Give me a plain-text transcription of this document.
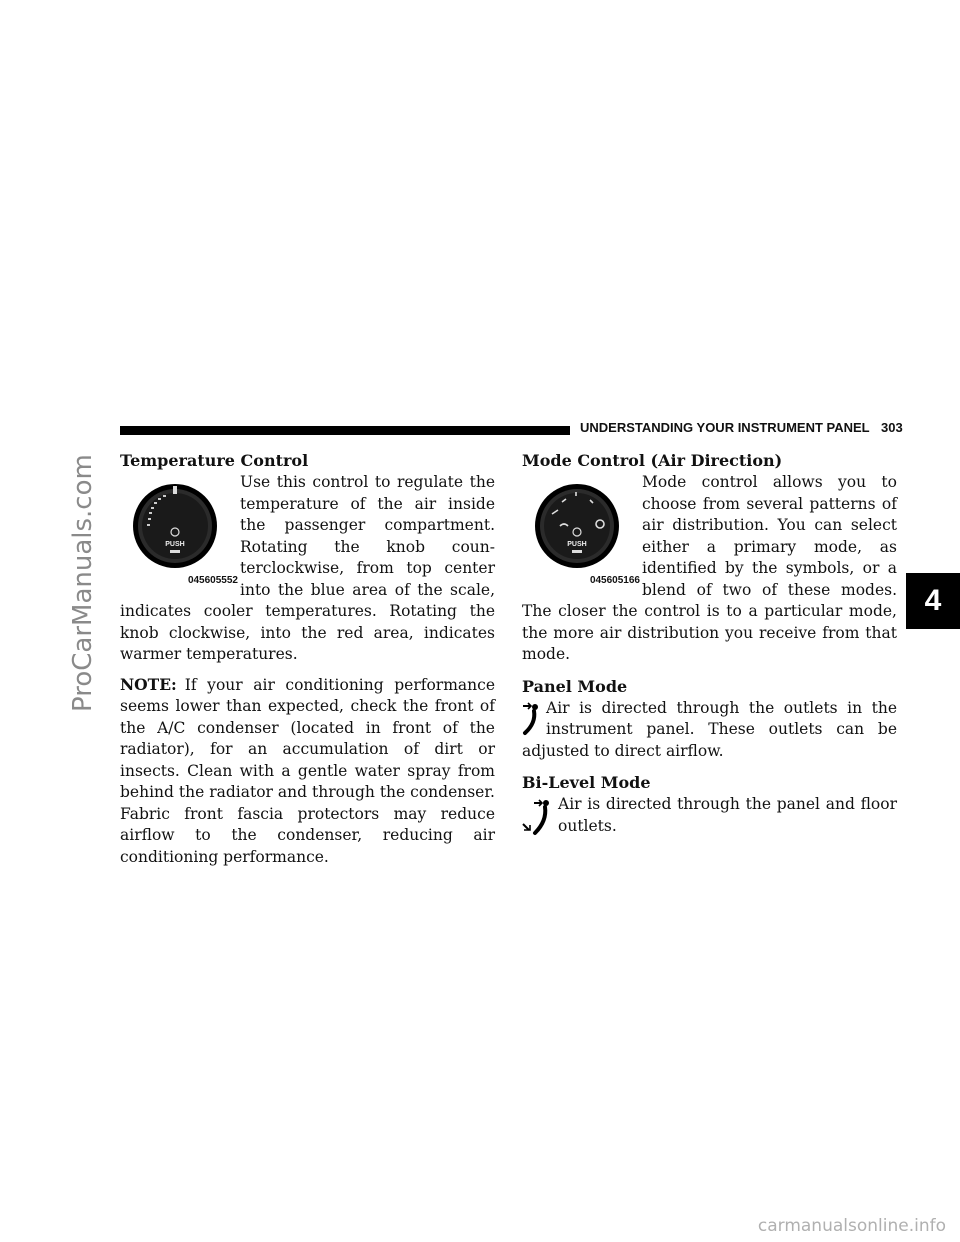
ProCarManuals.com
carmanualsonline.info
UNDERSTANDING YOUR INSTRUMENT PANEL 303
4
Temperature Control
PUSH
045605552

Use this control to regulate the temperature of the air inside the passenger compartment. Rotating the knob counterclockwise, from top center into the blue area of the scale, indicates cooler temperatures. Rotating the knob clockwise, into the red area, indicates warmer temperatures.

NOTE: If your air conditioning performance seems lower than expected, check the front of the A/C condenser (located in front of the radiator), for an accumulation of dirt or insects. Clean with a gentle water spray from behind the radiator and through the condenser. Fabric front fascia protectors may reduce airflow to the condenser, reducing air conditioning performance.

Mode Control (Air Direction)
PUSH
045605166

Mode control allows you to choose from several patterns of air distribution. You can select either a primary mode, as identified by the symbols, or a blend of two of these modes. The closer the control is to a particular mode, the more air distribution you receive from that mode.

Panel Mode

Air is directed through the outlets in the instrument panel. These outlets can be adjusted to direct airflow.

Bi-Level Mode

Air is directed through the panel and floor outlets.
